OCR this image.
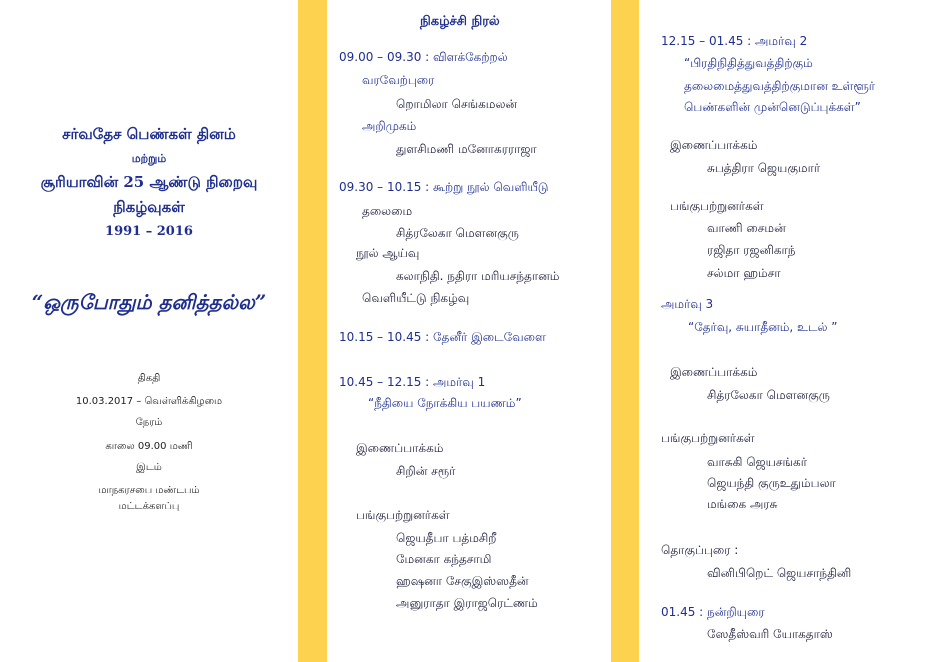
சர்வதேச பெண்கள் தினம்
மற்றும்
சூரியாவின் 25 ஆண்டு நிறைவு
நிகழ்வுகள்
1991 – 2016
“ஒருபோதும் தனித்தல்ல”
திகதி
10.03.2017 – வெள்ளிக்கிழமை
நேரம்
காலை 09.00 மணி
இடம்
மாநகரசபை மண்டபம்
மட்டக்களப்பு
நிகழ்ச்சி நிரல்
09.00 – 09.30 : விளக்கேற்றல்
வரவேற்புரை
றொமிலா செங்கமலன்
அறிமுகம்
துளசிமணி மனோகரராஜா
09.30 – 10.15 : கூற்று நூல் வெளியீடு
தலைமை
சித்ரலேகா மௌனகுரு
நூல் ஆய்வு
கலாநிதி. நதிரா மரியசந்தானம்
வெளியீட்டு நிகழ்வு
10.15 – 10.45 : தேனீர் இடைவேளை
10.45 – 12.15 : அமர்வு 1
“நீதியை நோக்கிய பயணம்”
இணைப்பாக்கம்
சிறின் சரூர்
பங்குபற்றுனர்கள்
ஜெயதீபா பத்மசிறீ
மேனகா கந்தசாமி
ஹஷனா சேகுஇஸ்ஸதீன்
அனுராதா இராஜரெட்ணம்
12.15 – 01.45 : அமர்வு 2
“பிரதிநிதித்துவத்திற்கும்
தலைமைத்துவத்திற்குமான உள்ளூர்
பெண்களின் முன்னெடுப்புக்கள்”
இணைப்பாக்கம்
சுபத்திரா ஜெயகுமார்
பங்குபற்றுனர்கள்
வாணி சைமன்
ரஜிதா ரஜனிகாந்
சல்மா ஹம்சா
அமர்வு 3
“தேர்வு, சுயாதீனம், உடல் ”
இணைப்பாக்கம்
சித்ரலேகா மௌனகுரு
பங்குபற்றுனர்கள்
வாசுகி ஜெயசங்கர்
ஜெயந்தி குருஉதும்பலா
மங்கை அரசு
தொகுப்புரை :
வினிபிறெட் ஜெயசாந்தினி
01.45 : நன்றியுரை
ஸேதீஸ்வரி யோகதாஸ்
